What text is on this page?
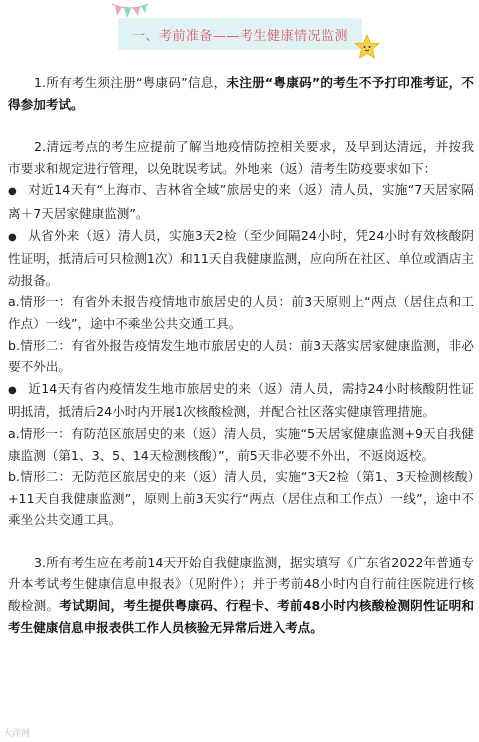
一、考前准备——考生健康情况监测

1.所有考生须注册“粤康码”信息，未注册“粤康码”的考生不予打印准考证，不得参加考试。

2.清远考点的考生应提前了解当地疫情防控相关要求，及早到达清远，并按我市要求和规定进行管理，以免耽误考试。外地来（返）清考生防疫要求如下：

● 对近14天有“上海市、吉林省全域”旅居史的来（返）清人员，实施“7天居家隔离＋7天居家健康监测”。

● 从省外来（返）清人员，实施3天2检（至少间隔24小时，凭24小时有效核酸阴性证明，抵清后可只检测1次）和11天自我健康监测，应向所在社区、单位或酒店主动报备。

a.情形一：有省外未报告疫情地市旅居史的人员：前3天原则上“两点（居住点和工作点）一线”，途中不乘坐公共交通工具。

b.情形二：有省外报告疫情发生地市旅居史的人员：前3天落实居家健康监测，非必要不外出。

● 近14天有省内疫情发生地市旅居史的来（返）清人员，需持24小时核酸阴性证明抵清，抵清后24小时内开展1次核酸检测，并配合社区落实健康管理措施。

a.情形一：有防范区旅居史的来（返）清人员，实施“5天居家健康监测+9天自我健康监测（第1、3、5、14天检测核酸）”，前5天非必要不外出，不返岗返校。

b.情形二：无防范区旅居史的来（返）清人员，实施“3天2检（第1、3天检测核酸）+11天自我健康监测”，原则上前3天实行“两点（居住点和工作点）一线”，途中不乘坐公共交通工具。

3.所有考生应在考前14天开始自我健康监测，据实填写《广东省2022年普通专升本考试考生健康信息申报表》（见附件）；并于考前48小时内自行前往医院进行核酸检测。考试期间，考生提供粤康码、行程卡、考前48小时内核酸检测阴性证明和考生健康信息申报表供工作人员核验无异常后进入考点。

大洋网
